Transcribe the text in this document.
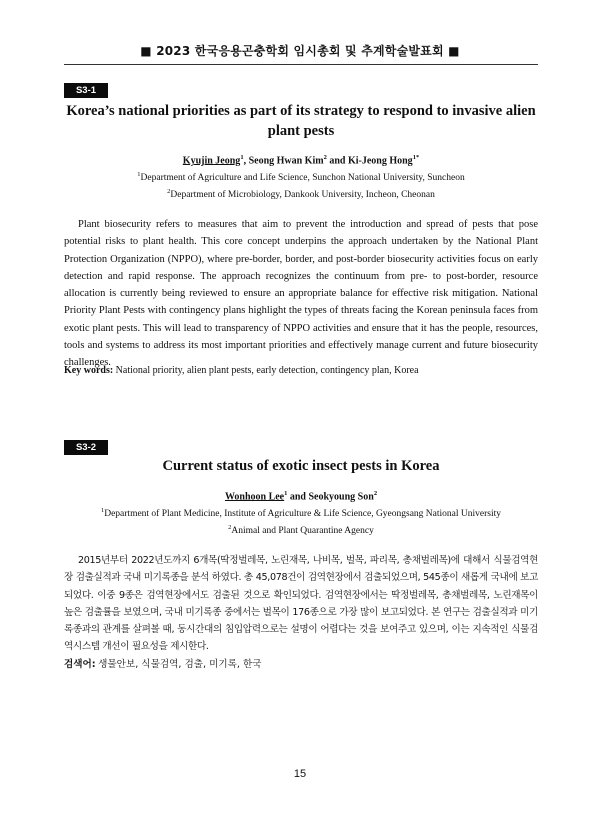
■ 2023 한국응용곤충학회 임시총회 및 추계학술발표회 ■
S3-1
Korea’s national priorities as part of its strategy to respond to invasive alien plant pests
Kyujin Jeong$^1$, Seong Hwan Kim$^2$ and Ki-Jeong Hong$^{1*}$
$^1$Department of Agriculture and Life Science, Sunchon National University, Suncheon
$^2$Department of Microbiology, Dankook University, Incheon, Cheonan

Plant biosecurity refers to measures that aim to prevent the introduction and spread of pests that pose potential risks to plant health. This core concept underpins the approach undertaken by the National Plant Protection Organization (NPPO), where pre-border, border, and post-border biosecurity activities focus on early detection and rapid response. The approach recognizes the continuum from pre- to post-border, resource allocation is currently being reviewed to ensure an appropriate balance for effective risk mitigation. National Priority Plant Pests with contingency plans highlight the types of threats facing the Korean peninsula faces from exotic plant pests. This will lead to transparency of NPPO activities and ensure that it has the people, resources, tools and systems to address its most important priorities and effectively manage current and future biosecurity challenges.

Key words: National priority, alien plant pests, early detection, contingency plan, Korea
S3-2
Current status of exotic insect pests in Korea
Wonhoon Lee$^1$ and Seokyoung Son$^2$
$^1$Department of Plant Medicine, Institute of Agriculture & Life Science, Gyeongsang National University
$^2$Animal and Plant Quarantine Agency

2015년부터 2022년도까지 6개목(딱정벌레목, 노린재목, 나비목, 벌목, 파리목, 총채벌레목)에 대해서 식물검역현장 검출실적과 국내 미기록종을 분석 하였다. 총 45,078건이 검역현장에서 검출되었으며, 545종이 새롭게 국내에 보고되었다. 이중 9종은 검역현장에서도 검출된 것으로 확인되었다. 검역현장에서는 딱정벌레목, 총채벌레목, 노린재목이 높은 검출률을 보였으며, 국내 미기록종 중에서는 벌목이 176종으로 가장 많이 보고되었다. 본 연구는 검출실적과 미기록종과의 관계를 살펴볼 때, 동시간대의 침입압력으로는 설명이 어렵다는 것을 보여주고 있으며, 이는 지속적인 식물검역시스템 개선이 필요성을 제시한다.

검색어: 생물안보, 식물검역, 검출, 미기록, 한국
15
